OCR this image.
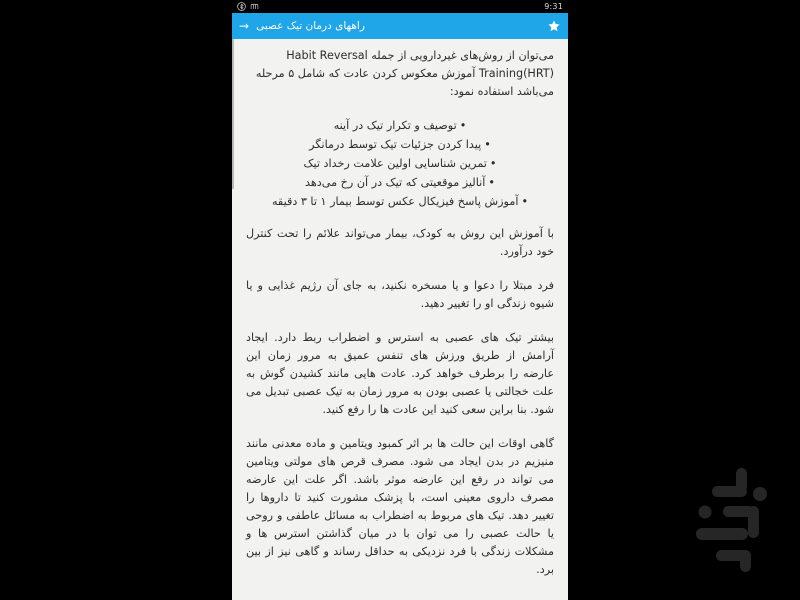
9:31
راههای درمان تیک عصبی
→

می‌توان از روش‌های غیردارویی از جمله Habit Reversal Training(HRT) آموزش معکوس کردن عادت که شامل ۵ مرحله می‌باشد استفاده نمود:

•توصیف و تکرار تیک در آینه
•پیدا کردن جزئیات تیک توسط درمانگر
•تمرین شناسایی اولین علامت رخداد تیک
•آنالیز موقعیتی که تیک در آن رخ می‌دهد
•آموزش پاسخ فیزیکال عکس توسط بیمار ۱ تا ۳ دقیقه

با آموزش این روش به کودک، بیمار می‌تواند علائم را تحت کنترل خود درآورد.

فرد مبتلا را دعوا و یا مسخره نکنید، به جای آن رژیم غذایی و یا شیوه زندگی او را تغییر دهید.

بیشتر تیک های عصبی به استرس و اضطراب ربط دارد. ایجاد آرامش از طریق ورزش های تنفس عمیق به مرور زمان این عارضه را برطرف خواهد کرد. عادت هایی مانند کشیدن گوش به علت خجالتی یا عصبی بودن به مرور زمان به تیک عصبی تبدیل می شود. بنا براین سعی کنید این عادت ها را رفع کنید.

گاهی اوقات این حالت ها بر اثر کمبود ویتامین و ماده معدنی مانند منیزیم در بدن ایجاد می شود. مصرف قرص های مولتی ویتامین می تواند در رفع این عارضه موثر باشد. اگر علت این عارضه مصرف داروی معینی است، با پزشک مشورت کنید تا داروها را تغییر دهد. تیک های مربوط به اضطراب به مسائل عاطفی و روحی یا حالت عصبی را می توان با در میان گذاشتن استرس ها و مشکلات زندگی با فرد نزدیکی به حداقل رساند و گاهی نیز از بین برد.
